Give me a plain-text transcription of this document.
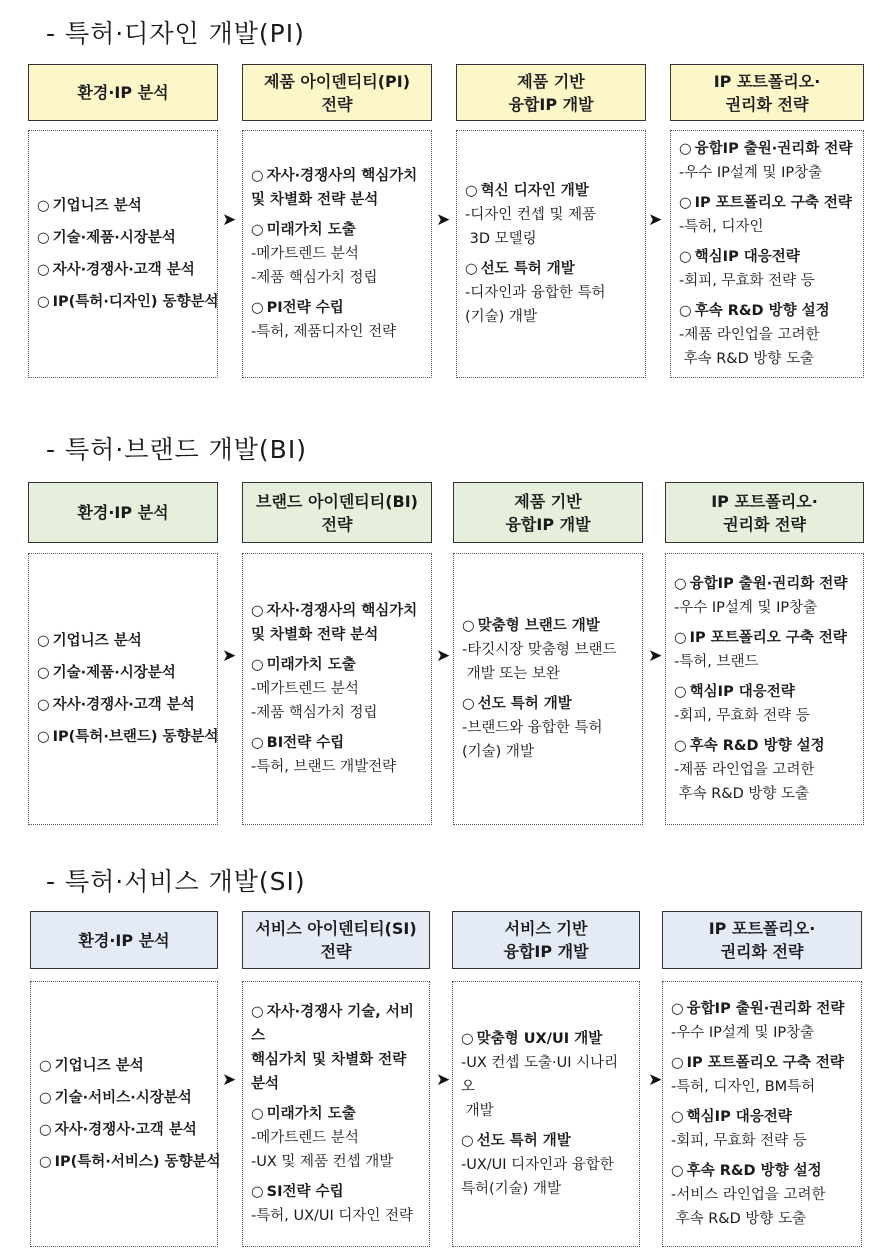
- 특허·디자인 개발(PI)
환경·IP 분석
제품 아이덴티티(PI)
전략
제품 기반
융합IP 개발
IP 포트폴리오·
권리화 전략
○ 기업니즈 분석
○ 기술·제품·시장분석
○ 자사·경쟁사·고객 분석
○ IP(특허·디자인) 동향분석
○ 자사·경쟁사의 핵심가치
및 차별화 전략 분석
○ 미래가치 도출
-메가트렌드 분석
-제품 핵심가치 정립
○ PI전략 수립
-특허, 제품디자인 전략
○ 혁신 디자인 개발
-디자인 컨셉 및 제품
3D 모델링
○ 선도 특허 개발
-디자인과 융합한 특허
(기술) 개발
○ 융합IP 출원·권리화 전략
-우수 IP설계 및 IP창출
○ IP 포트폴리오 구축 전략
-특허, 디자인
○ 핵심IP 대응전략
-회피, 무효화 전략 등
○ 후속 R&D 방향 설정
-제품 라인업을 고려한
후속 R&D 방향 도출
➤	➤	➤
- 특허·브랜드 개발(BI)
환경·IP 분석
브랜드 아이덴티티(BI)
전략
제품 기반
융합IP 개발
IP 포트폴리오·
권리화 전략
○ 기업니즈 분석
○ 기술·제품·시장분석
○ 자사·경쟁사·고객 분석
○ IP(특허·브랜드) 동향분석
○ 자사·경쟁사의 핵심가치
및 차별화 전략 분석
○ 미래가치 도출
-메가트렌드 분석
-제품 핵심가치 정립
○ BI전략 수립
-특허, 브랜드 개발전략
○ 맞춤형 브랜드 개발
-타깃시장 맞춤형 브랜드
개발 또는 보완
○ 선도 특허 개발
-브랜드와 융합한 특허
(기술) 개발
○ 융합IP 출원·권리화 전략
-우수 IP설계 및 IP창출
○ IP 포트폴리오 구축 전략
-특허, 브랜드
○ 핵심IP 대응전략
-회피, 무효화 전략 등
○ 후속 R&D 방향 설정
-제품 라인업을 고려한
후속 R&D 방향 도출
➤	➤	➤
- 특허·서비스 개발(SI)
환경·IP 분석
서비스 아이덴티티(SI)
전략
서비스 기반
융합IP 개발
IP 포트폴리오·
권리화 전략
○ 기업니즈 분석
○ 기술·서비스·시장분석
○ 자사·경쟁사·고객 분석
○ IP(특허·서비스) 동향분석
○ 자사·경쟁사 기술, 서비스
핵심가치 및 차별화 전략
분석
○ 미래가치 도출
-메가트렌드 분석
-UX 및 제품 컨셉 개발
○ SI전략 수립
-특허, UX/UI 디자인 전략
○ 맞춤형 UX/UI 개발
-UX 컨셉 도출·UI 시나리오
개발
○ 선도 특허 개발
-UX/UI 디자인과 융합한
특허(기술) 개발
○ 융합IP 출원·권리화 전략
-우수 IP설계 및 IP창출
○ IP 포트폴리오 구축 전략
-특허, 디자인, BM특허
○ 핵심IP 대응전략
-회피, 무효화 전략 등
○ 후속 R&D 방향 설정
-서비스 라인업을 고려한
후속 R&D 방향 도출
➤	➤	➤
